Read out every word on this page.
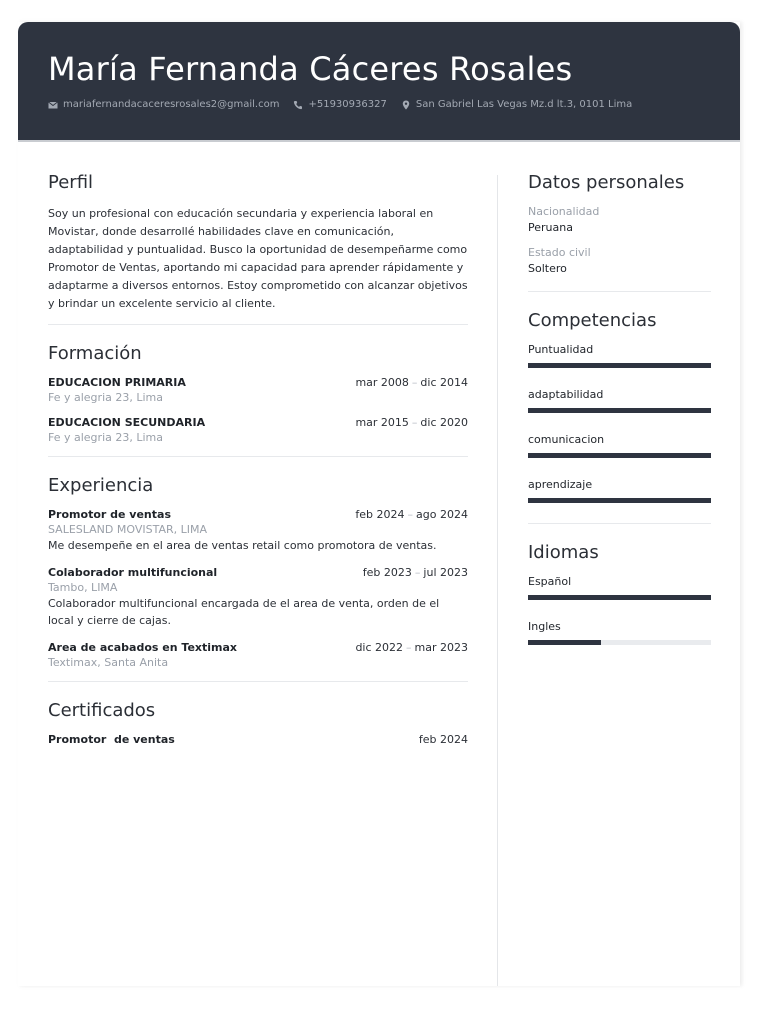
María Fernanda Cáceres Rosales
mariafernandacaceresrosales2@gmail.com	+51930936327	San Gabriel Las Vegas Mz.d lt.3, 0101 Lima
Perfil

Soy un profesional con educación secundaria y experiencia laboral en Movistar, donde desarrollé habilidades clave en comunicación, adaptabilidad y puntualidad. Busco la oportunidad de desempeñarme como Promotor de Ventas, aportando mi capacidad para aprender rápidamente y adaptarme a diversos entornos. Estoy comprometido con alcanzar objetivos y brindar un excelente servicio al cliente.

Formación
EDUCACION PRIMARIA	mar 2008 – dic 2014
Fe y alegria 23, Lima
EDUCACION SECUNDARIA	mar 2015 – dic 2020
Fe y alegria 23, Lima
Experiencia
Promotor de ventas	feb 2024 – ago 2024
SALESLAND MOVISTAR, LIMA
Me desempeñe en el area de ventas retail como promotora de ventas.
Colaborador multifuncional	feb 2023 – jul 2023
Tambo, LIMA
Colaborador multifuncional encargada de el area de venta, orden de el local y cierre de cajas.
Area de acabados en Textimax	dic 2022 – mar 2023
Textimax, Santa Anita
Certificados
Promotor  de ventas	feb 2024
Datos personales
Nacionalidad
Peruana
Estado civil
Soltero
Competencias
Puntualidad
adaptabilidad
comunicacion
aprendizaje
Idiomas
Español
Ingles
